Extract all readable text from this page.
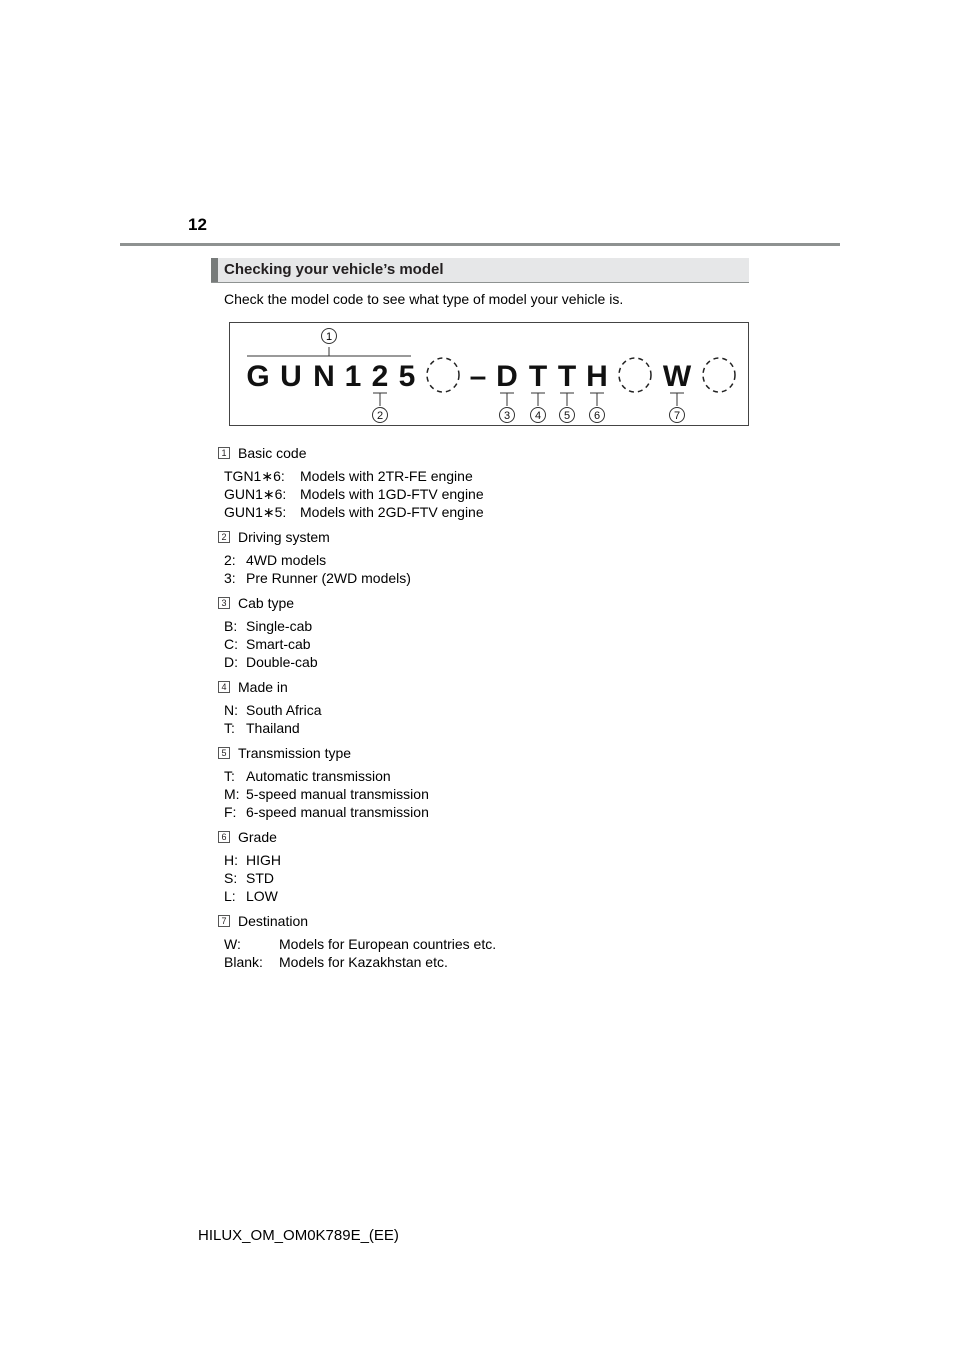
12
Checking your vehicle’s model
Check the model code to see what type of model your vehicle is.
1
G U N 1 2 5 – D T T H W
2	3 4 5 6	7
1 Basic code
TGN1∗6:	Models with 2TR-FE engine
GUN1∗6: Models with 1GD-FTV engine
GUN1∗5: Models with 2GD-FTV engine
2 Driving system
2: 4WD models
3: Pre Runner (2WD models)
3 Cab type
B: Single-cab
C: Smart-cab
D: Double-cab
4 Made in
N: South Africa
T: Thailand
5 Transmission type
T: Automatic transmission
M: 5-speed manual transmission
F: 6-speed manual transmission
6 Grade
H: HIGH
S: STD
L: LOW
7 Destination
W:	Models for European countries etc.
Blank:	Models for Kazakhstan etc.
HILUX_OM_OM0K789E_(EE)
